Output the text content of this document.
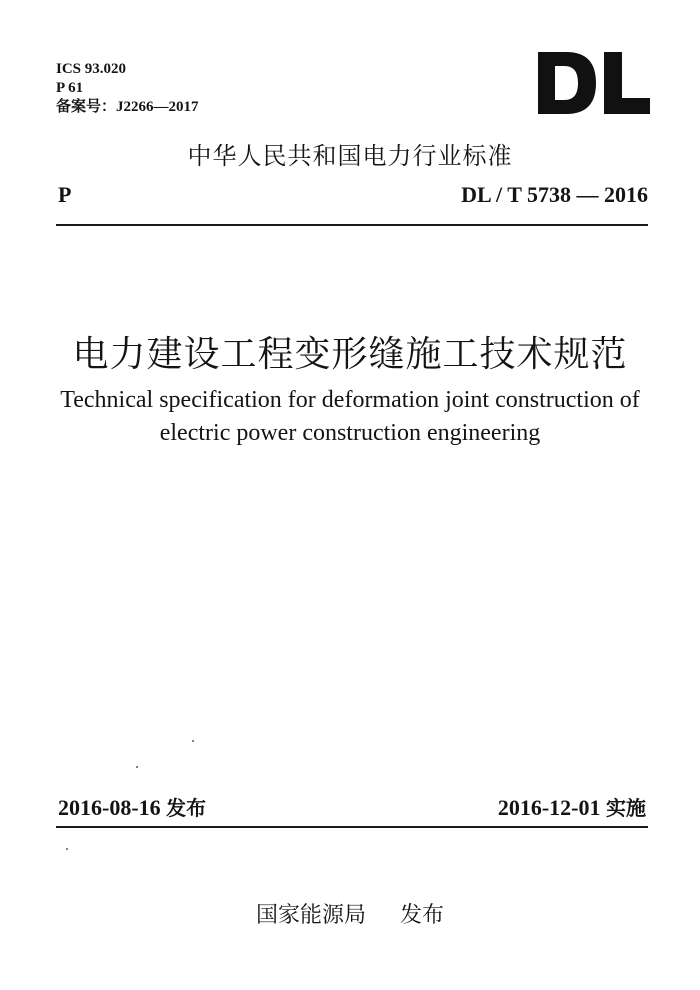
ICS 93.020
P 61
备案号：J2266—2017
中华人民共和国电力行业标准
P	DL / T 5738 — 2016
电力建设工程变形缝施工技术规范
Technical specification for deformation joint construction of
electric power construction engineering
2016-08-16 发布	2016-12-01 实施
国家能源局 发布
